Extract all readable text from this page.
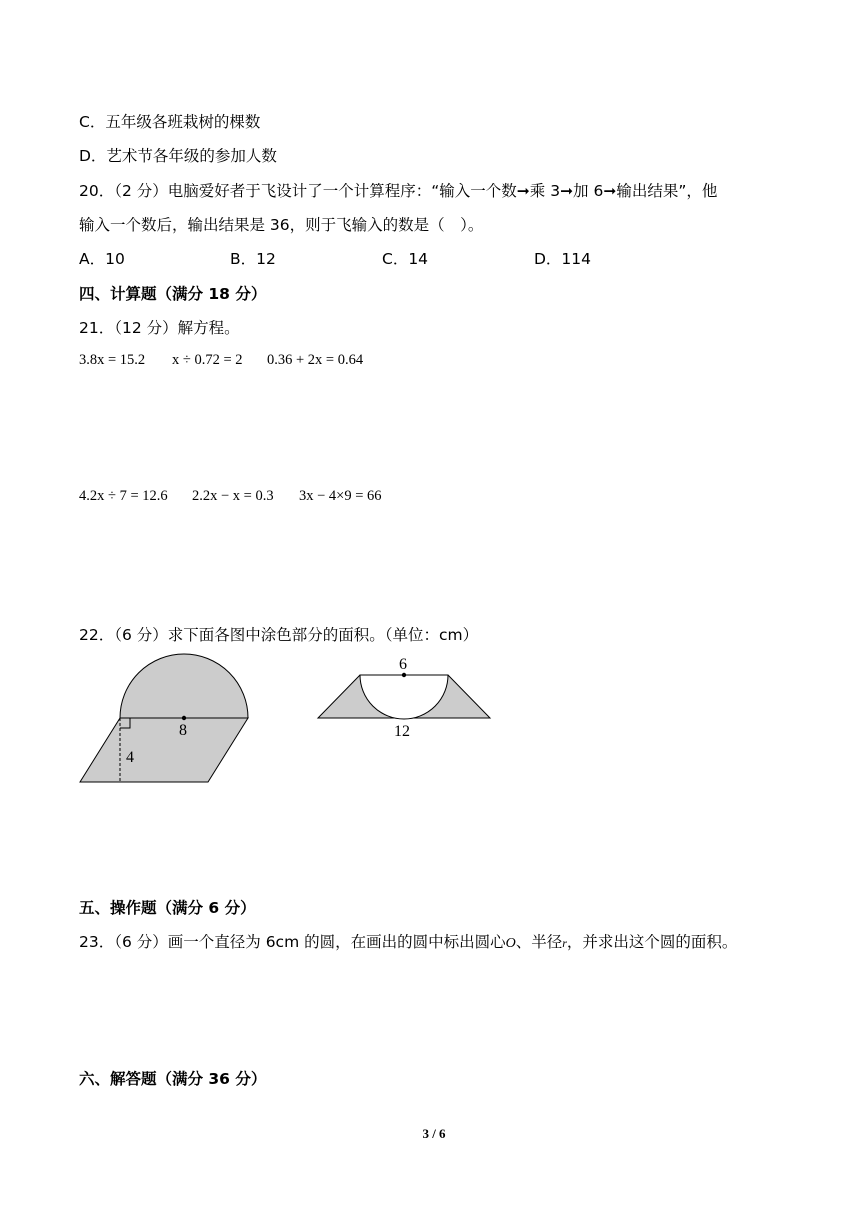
C．五年级各班栽树的棵数
D．艺术节各年级的参加人数
20．（2 分）电脑爱好者于飞设计了一个计算程序：“输入一个数➞乘 3➞加 6➞输出结果”，他
输入一个数后，输出结果是 36，则于飞输入的数是（　）。
A．10	B．12	C．14	D．114
四、计算题（满分 18 分）
21．（12 分）解方程。
3.8x = 15.2 x ÷ 0.72 = 2 0.36 + 2x = 0.64
4.2x ÷ 7 = 12.6 2.2x − x = 0.3 3x − 4×9 = 66
22．（6 分）求下面各图中涂色部分的面积。（单位：cm）
8
4
6
12
五、操作题（满分 6 分）
23．（6 分）画一个直径为 6cm 的圆，在画出的圆中标出圆心O、半径r，并求出这个圆的面积。
六、解答题（满分 36 分）
3 / 6
